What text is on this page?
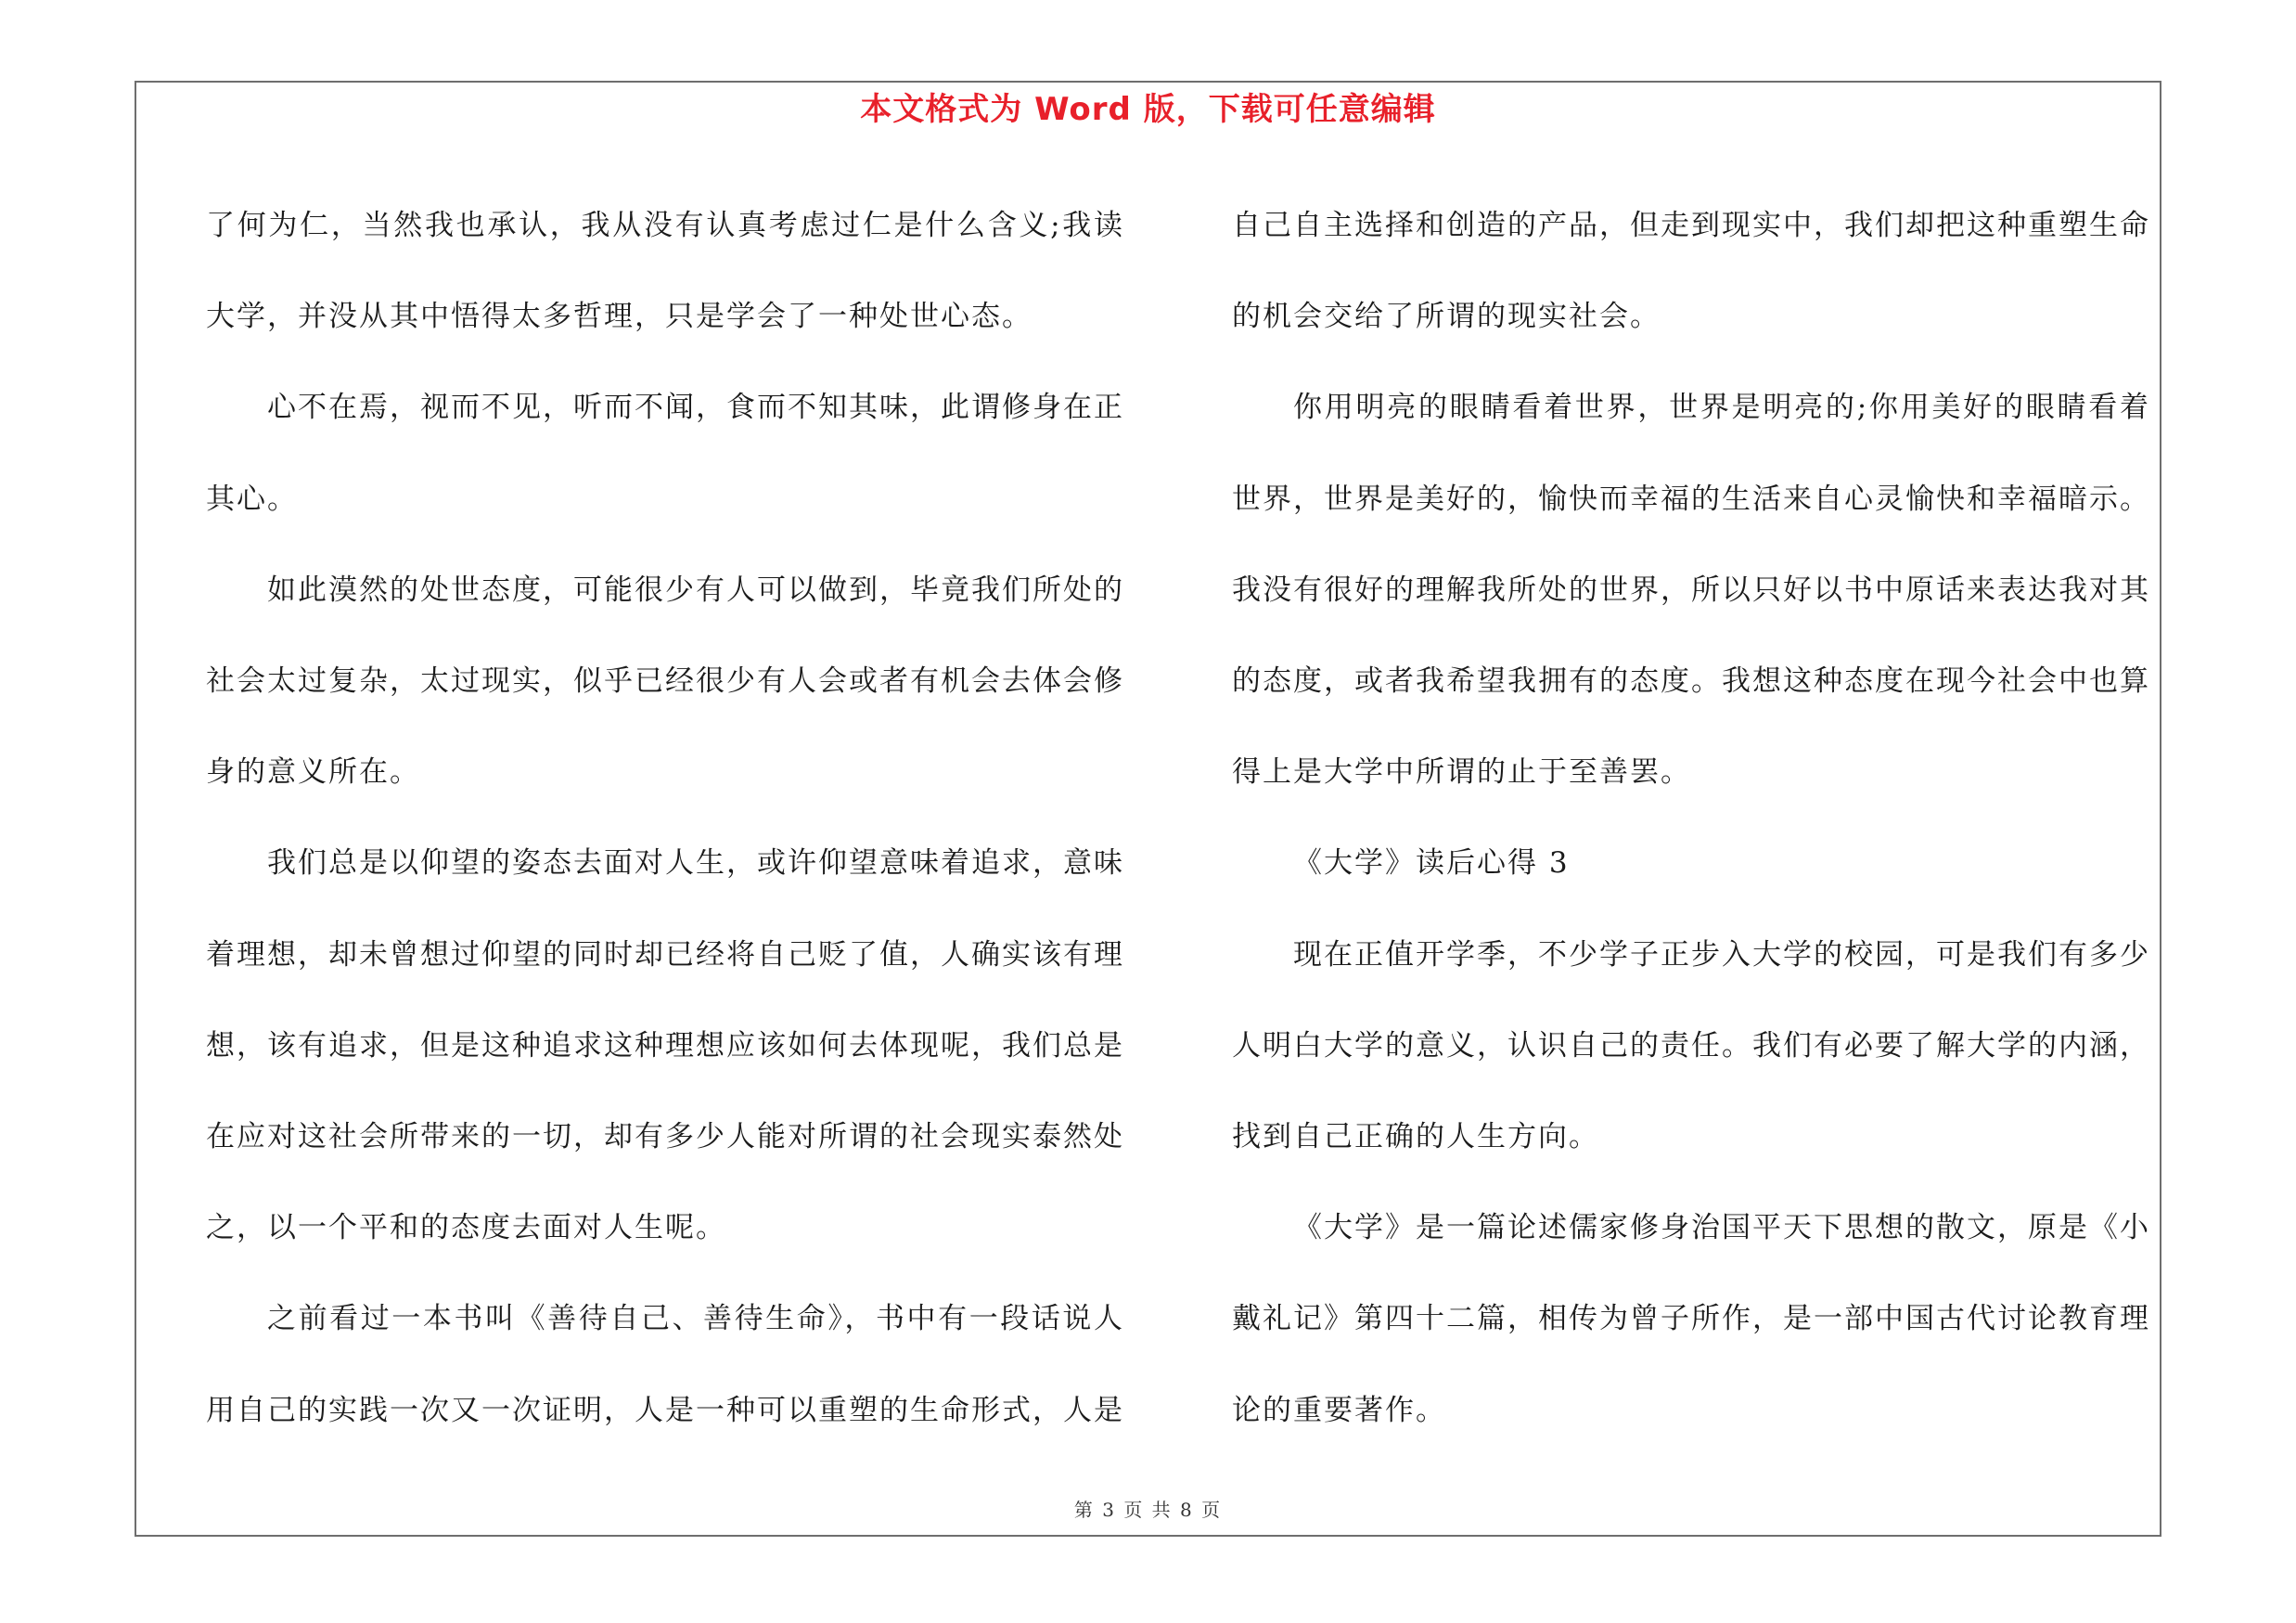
本文格式为 Word 版，下载可任意编辑

了何为仁，当然我也承认，我从没有认真考虑过仁是什么含义;我读大学，并没从其中悟得太多哲理，只是学会了一种处世心态。

心不在焉，视而不见，听而不闻，食而不知其味，此谓修身在正其心。

如此漠然的处世态度，可能很少有人可以做到，毕竟我们所处的社会太过复杂，太过现实，似乎已经很少有人会或者有机会去体会修身的意义所在。

我们总是以仰望的姿态去面对人生，或许仰望意味着追求，意味着理想，却未曾想过仰望的同时却已经将自己贬了值，人确实该有理想，该有追求，但是这种追求这种理想应该如何去体现呢，我们总是在应对这社会所带来的一切，却有多少人能对所谓的社会现实泰然处之，以一个平和的态度去面对人生呢。

之前看过一本书叫《善待自己、善待生命》，书中有一段话说人用自己的实践一次又一次证明，人是一种可以重塑的生命形式，人是

自己自主选择和创造的产品，但走到现实中，我们却把这种重塑生命的机会交给了所谓的现实社会。

你用明亮的眼睛看着世界，世界是明亮的;你用美好的眼睛看着世界，世界是美好的，愉快而幸福的生活来自心灵愉快和幸福暗示。我没有很好的理解我所处的世界，所以只好以书中原话来表达我对其的态度，或者我希望我拥有的态度。我想这种态度在现今社会中也算得上是大学中所谓的止于至善罢。

《大学》读后心得 3

现在正值开学季，不少学子正步入大学的校园，可是我们有多少人明白大学的意义，认识自己的责任。我们有必要了解大学的内涵，找到自己正确的人生方向。

《大学》是一篇论述儒家修身治国平天下思想的散文，原是《小戴礼记》第四十二篇，相传为曾子所作，是一部中国古代讨论教育理论的重要著作。

第 3 页 共 8 页
